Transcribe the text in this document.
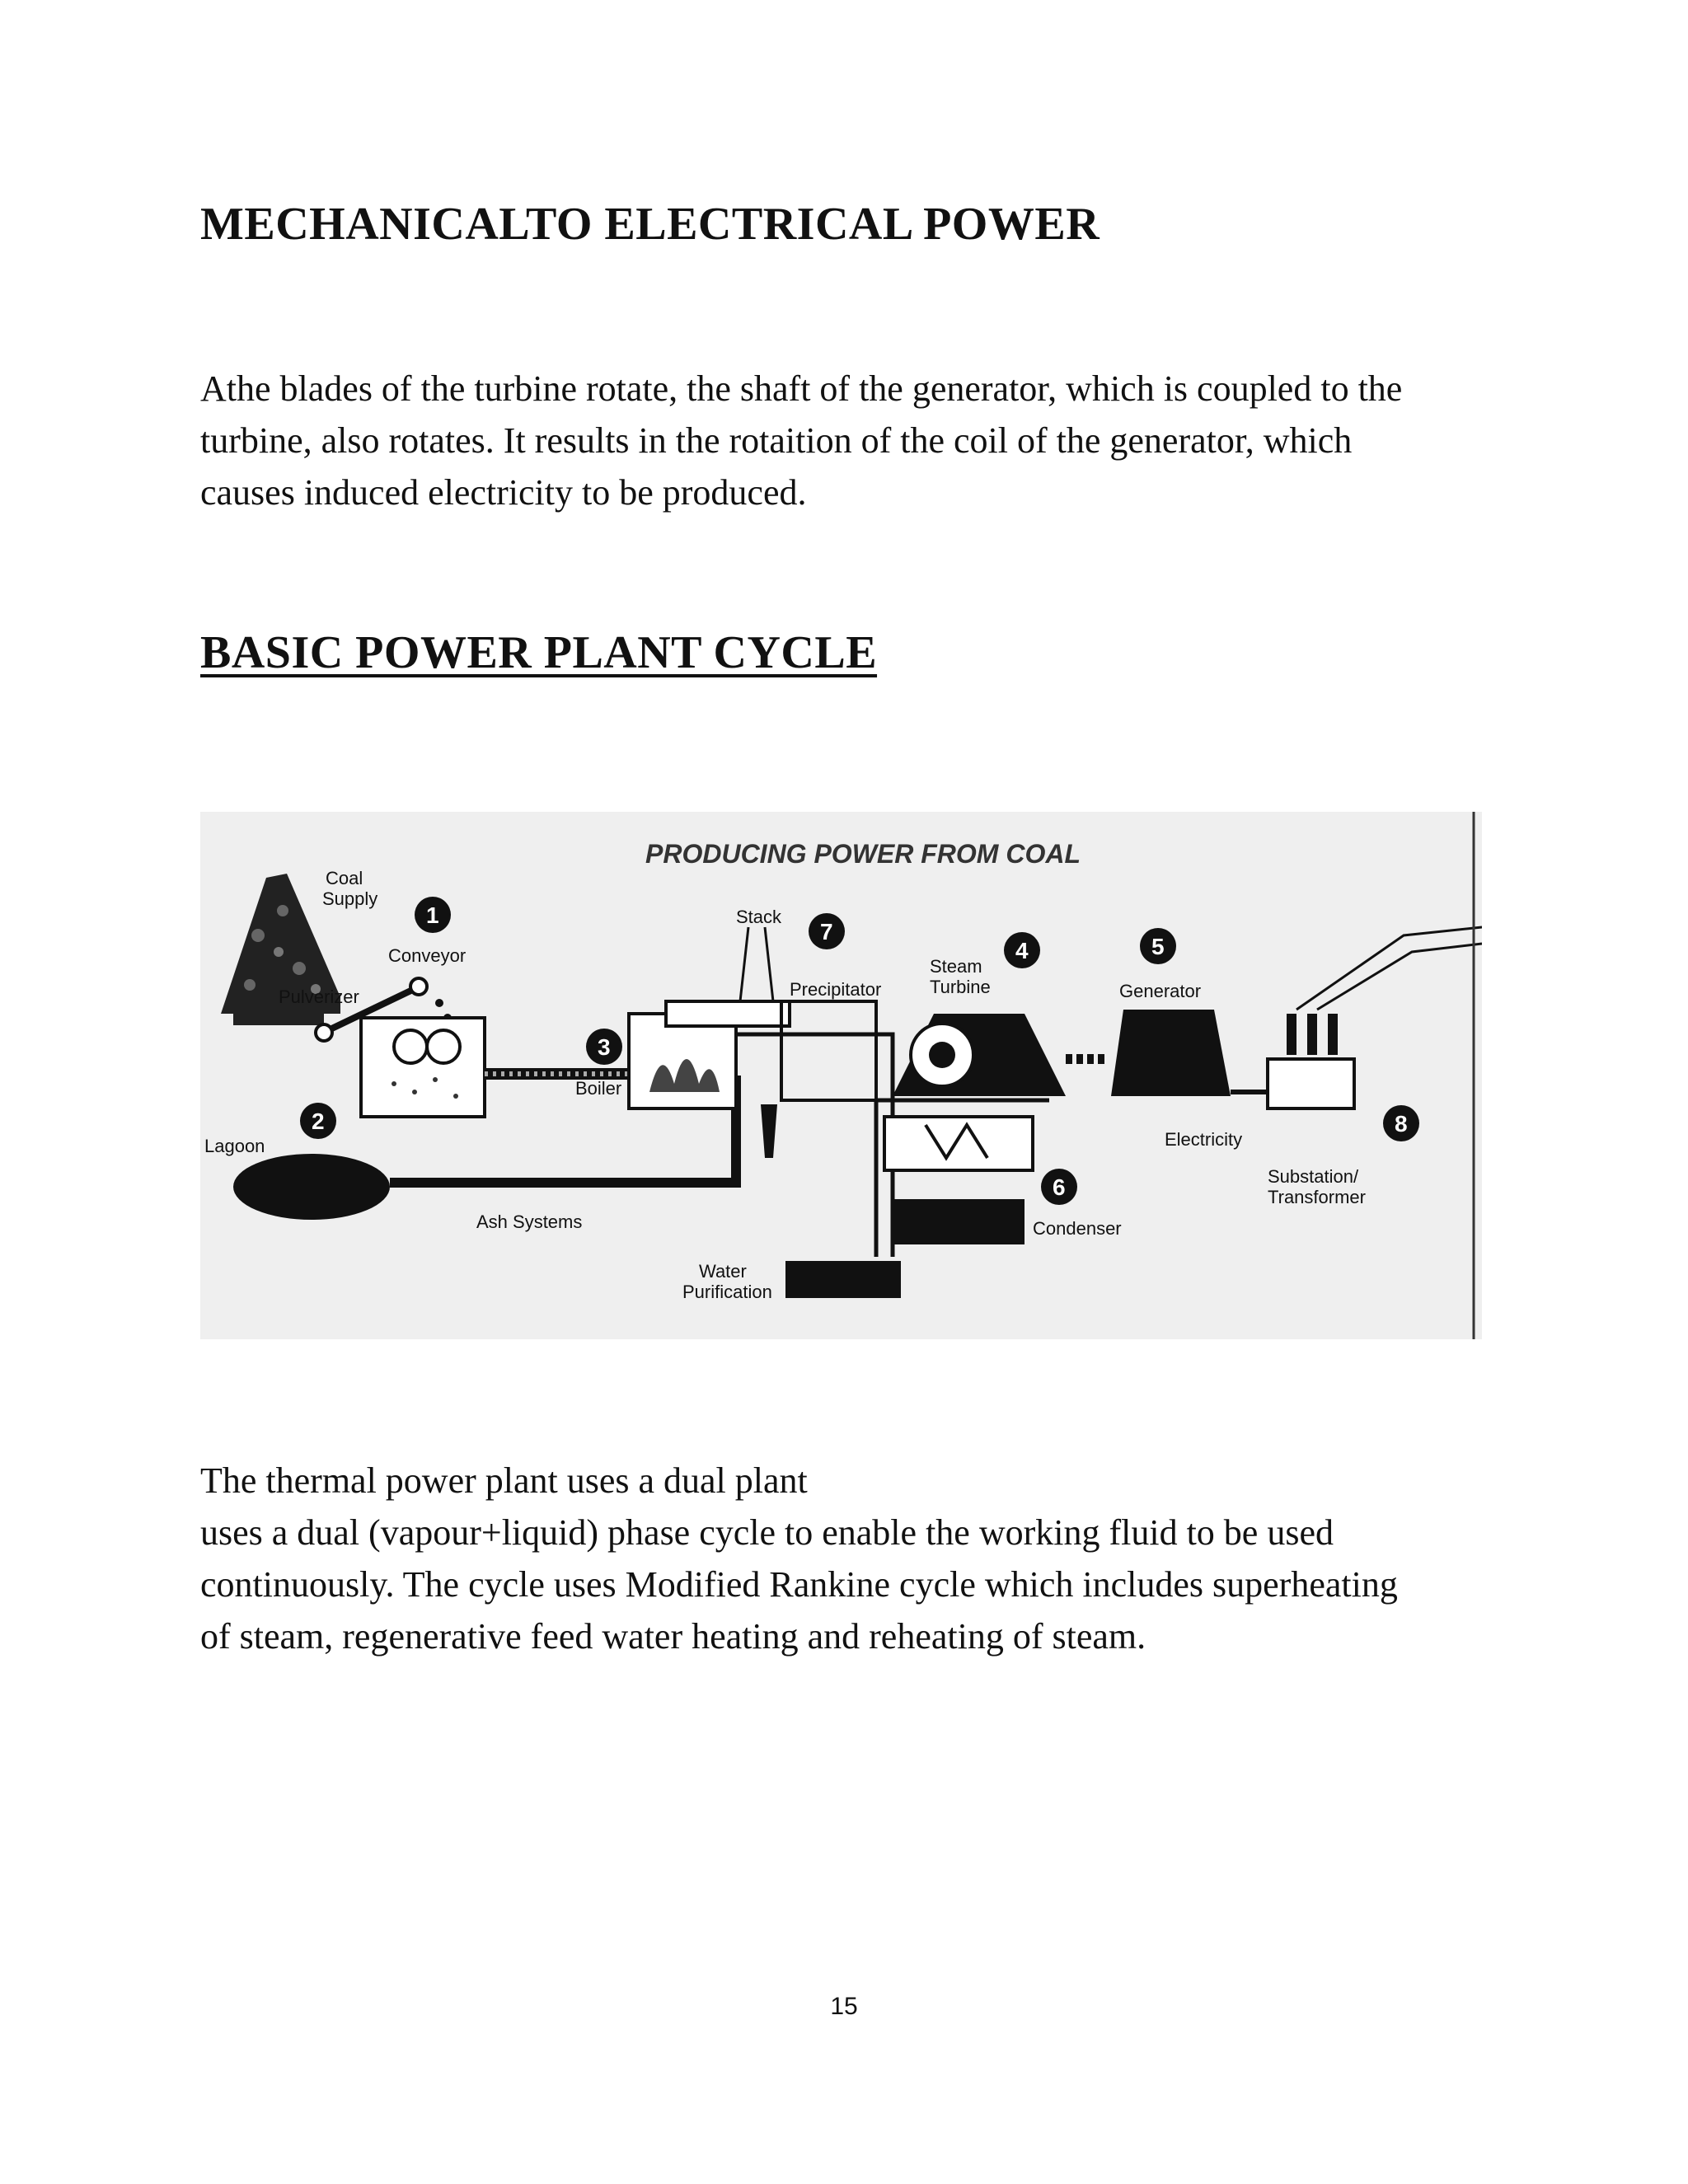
MECHANICALTO ELECTRICAL POWER
Athe blades of the turbine rotate, the shaft of the generator, which is coupled to the
turbine, also rotates. It results in the rotaition of the coil of the generator, which
causes induced electricity to be produced.
BASIC POWER PLANT CYCLE
PRODUCING POWER FROM COAL
Coal
Supply
Conveyor
Pulverizer
Lagoon
Ash Systems
Boiler
Stack
Precipitator
Steam
Turbine	Generator
Electricity
Substation/
Transformer
Condenser
Water
Purification
1
2
3
4	5
6
7
8
The thermal power plant uses a dual plant
uses a dual (vapour+liquid) phase cycle to enable the working fluid to be used
continuously. The cycle uses Modified Rankine cycle which includes superheating
of steam, regenerative feed water heating and reheating of steam.
15
